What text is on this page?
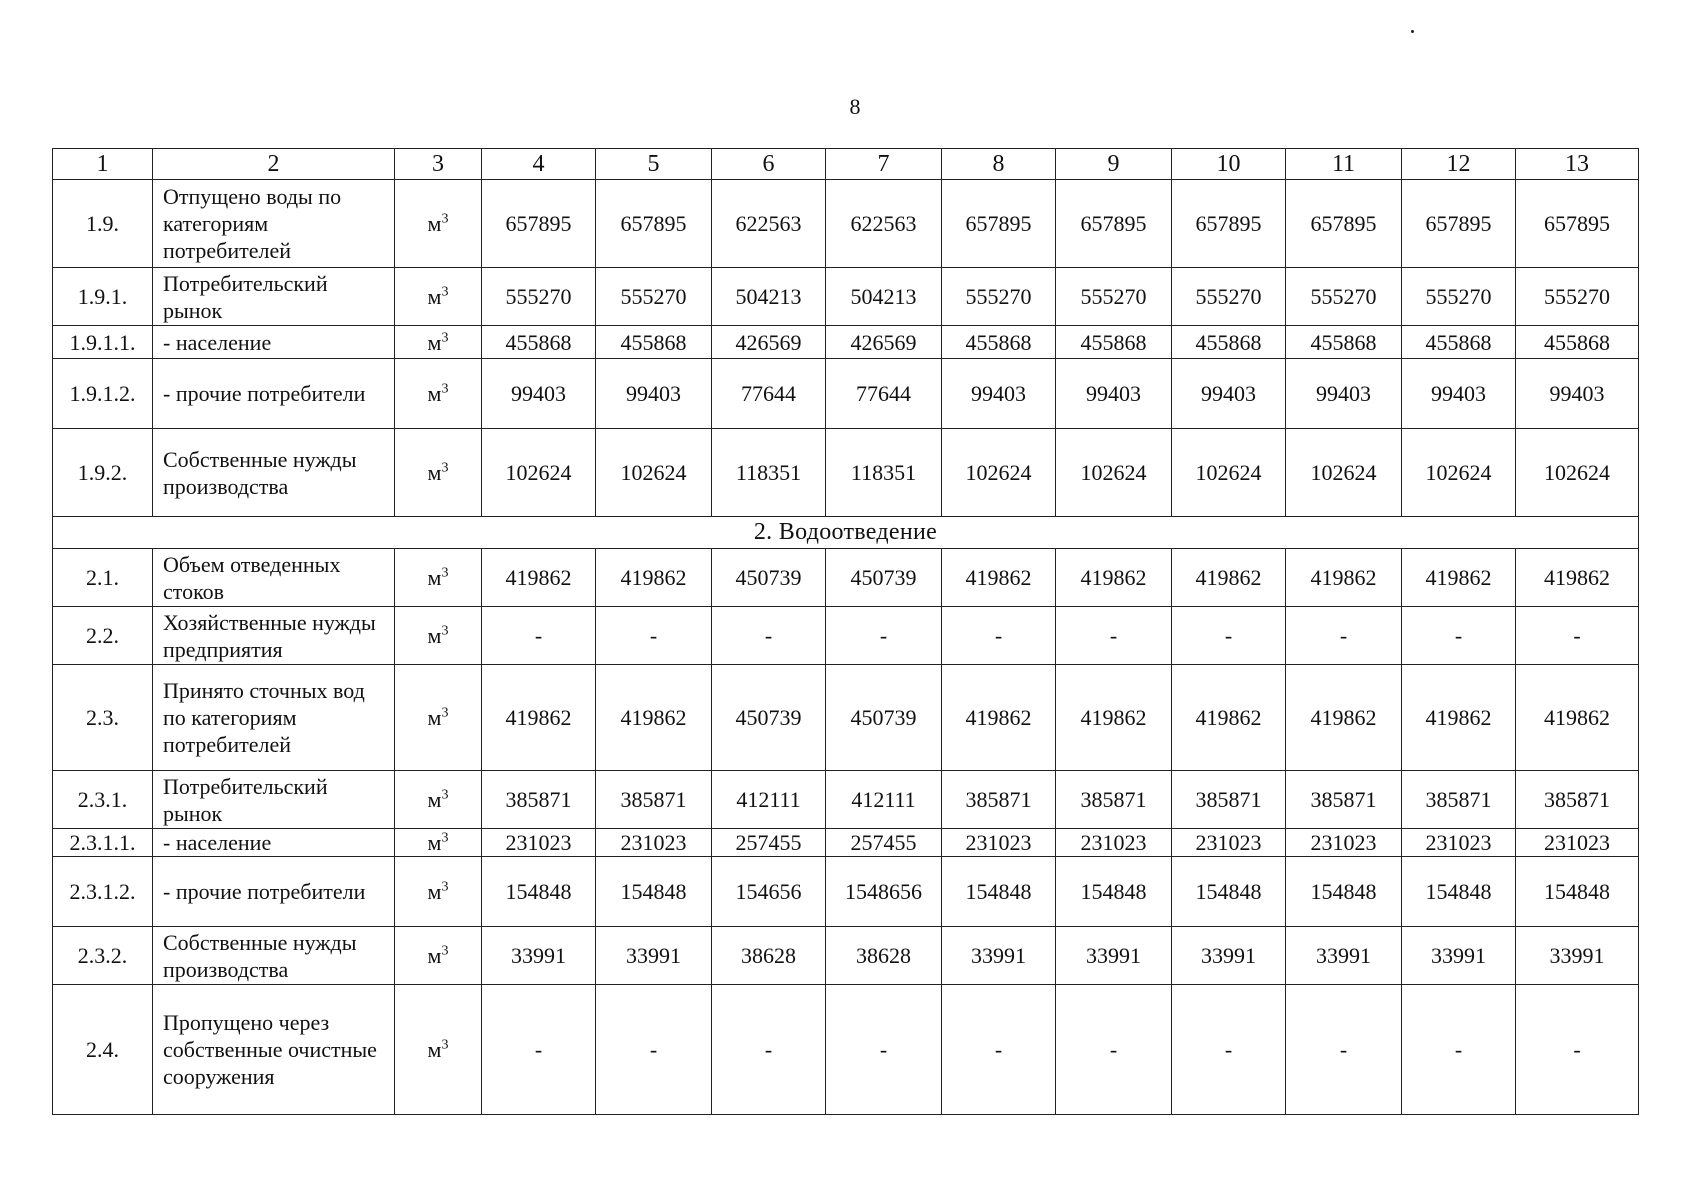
8
1	2	3	4	5	6	7	8	9	10	11	12	13
1.9.	Отпущено воды по категориям потребителей	$м^3$	657895	657895	622563	622563	657895	657895	657895	657895	657895	657895
1.9.1.	Потребительский рынок	$м^3$	555270	555270	504213	504213	555270	555270	555270	555270	555270	555270
1.9.1.1.	- население	$м^3$	455868	455868	426569	426569	455868	455868	455868	455868	455868	455868
1.9.1.2.	- прочие потребители	$м^3$	99403	99403	77644	77644	99403	99403	99403	99403	99403	99403
1.9.2.	Собственные нужды производства	$м^3$	102624	102624	118351	118351	102624	102624	102624	102624	102624	102624
2. Водоотведение												
2.1.	Объем отведенных стоков	$м^3$	419862	419862	450739	450739	419862	419862	419862	419862	419862	419862
2.2.	Хозяйственные нужды предприятия	$м^3$	-	-	-	-	-	-	-	-	-	-
2.3.	Принято сточных вод по категориям потребителей	$м^3$	419862	419862	450739	450739	419862	419862	419862	419862	419862	419862
2.3.1.	Потребительский рынок	$м^3$	385871	385871	412111	412111	385871	385871	385871	385871	385871	385871
2.3.1.1.	- население	$м^3$	231023	231023	257455	257455	231023	231023	231023	231023	231023	231023
2.3.1.2.	- прочие потребители	$м^3$	154848	154848	154656	1548656	154848	154848	154848	154848	154848	154848
2.3.2.	Собственные нужды производства	$м^3$	33991	33991	38628	38628	33991	33991	33991	33991	33991	33991
2.4.	Пропущено через собственные очистные сооружения	$м^3$	-	-	-	-	-	-	-	-	-	-
